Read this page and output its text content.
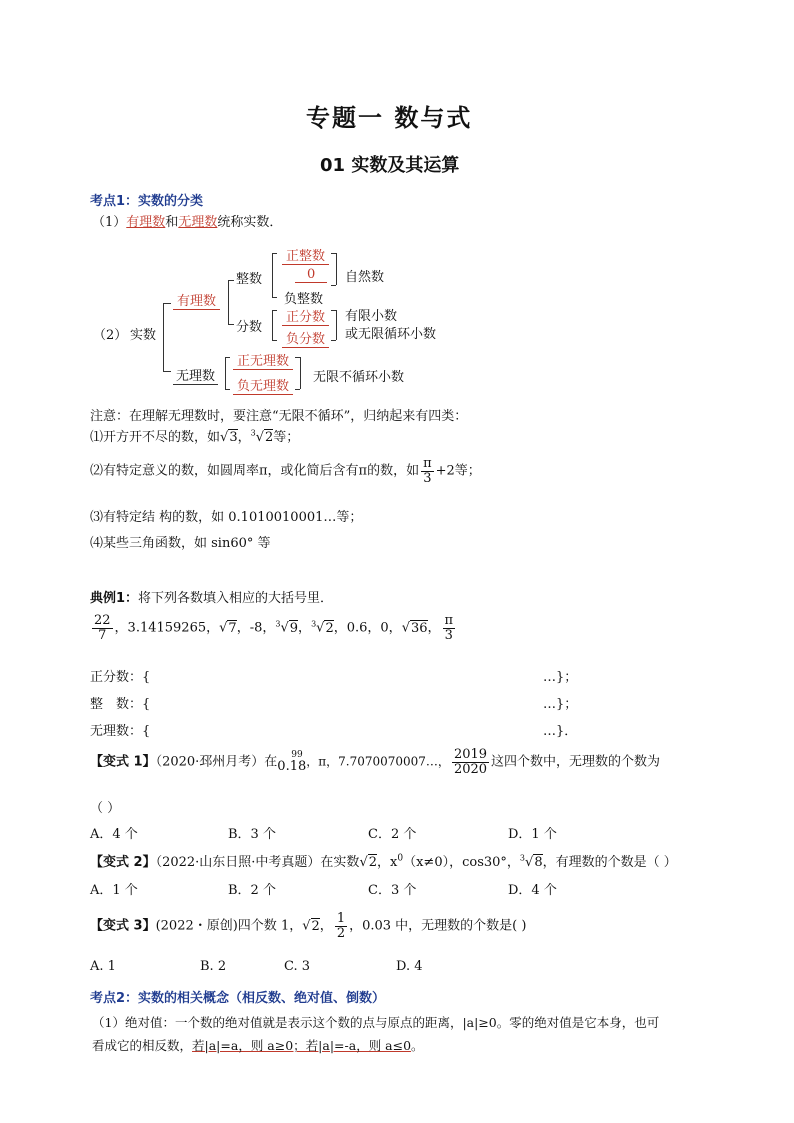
专题一 数与式
01 实数及其运算
考点1：实数的分类
（1）有理数和无理数统称实数．
（2） 实数
有理数
整数
正整数
0
负整数
自然数
分数
正分数
负分数
有限小数
或无限循环小数
无理数
正无理数
负无理数
无限不循环小数
注意：在理解无理数时，要注意“无限不循环”，归纳起来有四类：
⑴开方开不尽的数，如√3，$^3$√2等；
⑵有特定意义的数，如圆周率π，或化简后含有π的数，如 $\frac{\pi}{3} +2$等；
⑶有特定结 构的数，如 0.1010010001…等；
⑷某些三角函数，如 sin60° 等
典例1：将下列各数填入相应的大括号里．
$\frac{22}{7}$ ，3.14159265，√7，-8，$^3$√9，$^3$√2，0.6，0，√36， $\frac{\pi}{3}$
正分数：{	…}；
整　数：{	…}；
无理数：{	…}．
【变式 1】（2020·邳州月考）在	99
0.18 ，π，7.7070070007…， $\frac{2019}{2020}$ 这四个数中，无理数的个数为
（ ）
A．4 个	B．3 个	C．2 个	D．1 个
【变式 2】（2022·山东日照·中考真题）在实数√2，$x^0(x\ne 0)$，cos30°，$^3$√8，有理数的个数是（ ）
A．1 个	B．2 个	C．3 个	D．4 个
【变式 3】(2022・原创)四个数 1，√2， $\frac{1}{2}$ ，0.03 中，无理数的个数是( )
A. 1	B. 2	C. 3	D. 4
考点2：实数的相关概念（相反数、绝对值、倒数）
（1）绝对值：一个数的绝对值就是表示这个数的点与原点的距离，|a|≥0。零的绝对值是它本身，也可
看成它的相反数，若|a|=a，则 a≥0；若|a|=-a，则 a≤0。
